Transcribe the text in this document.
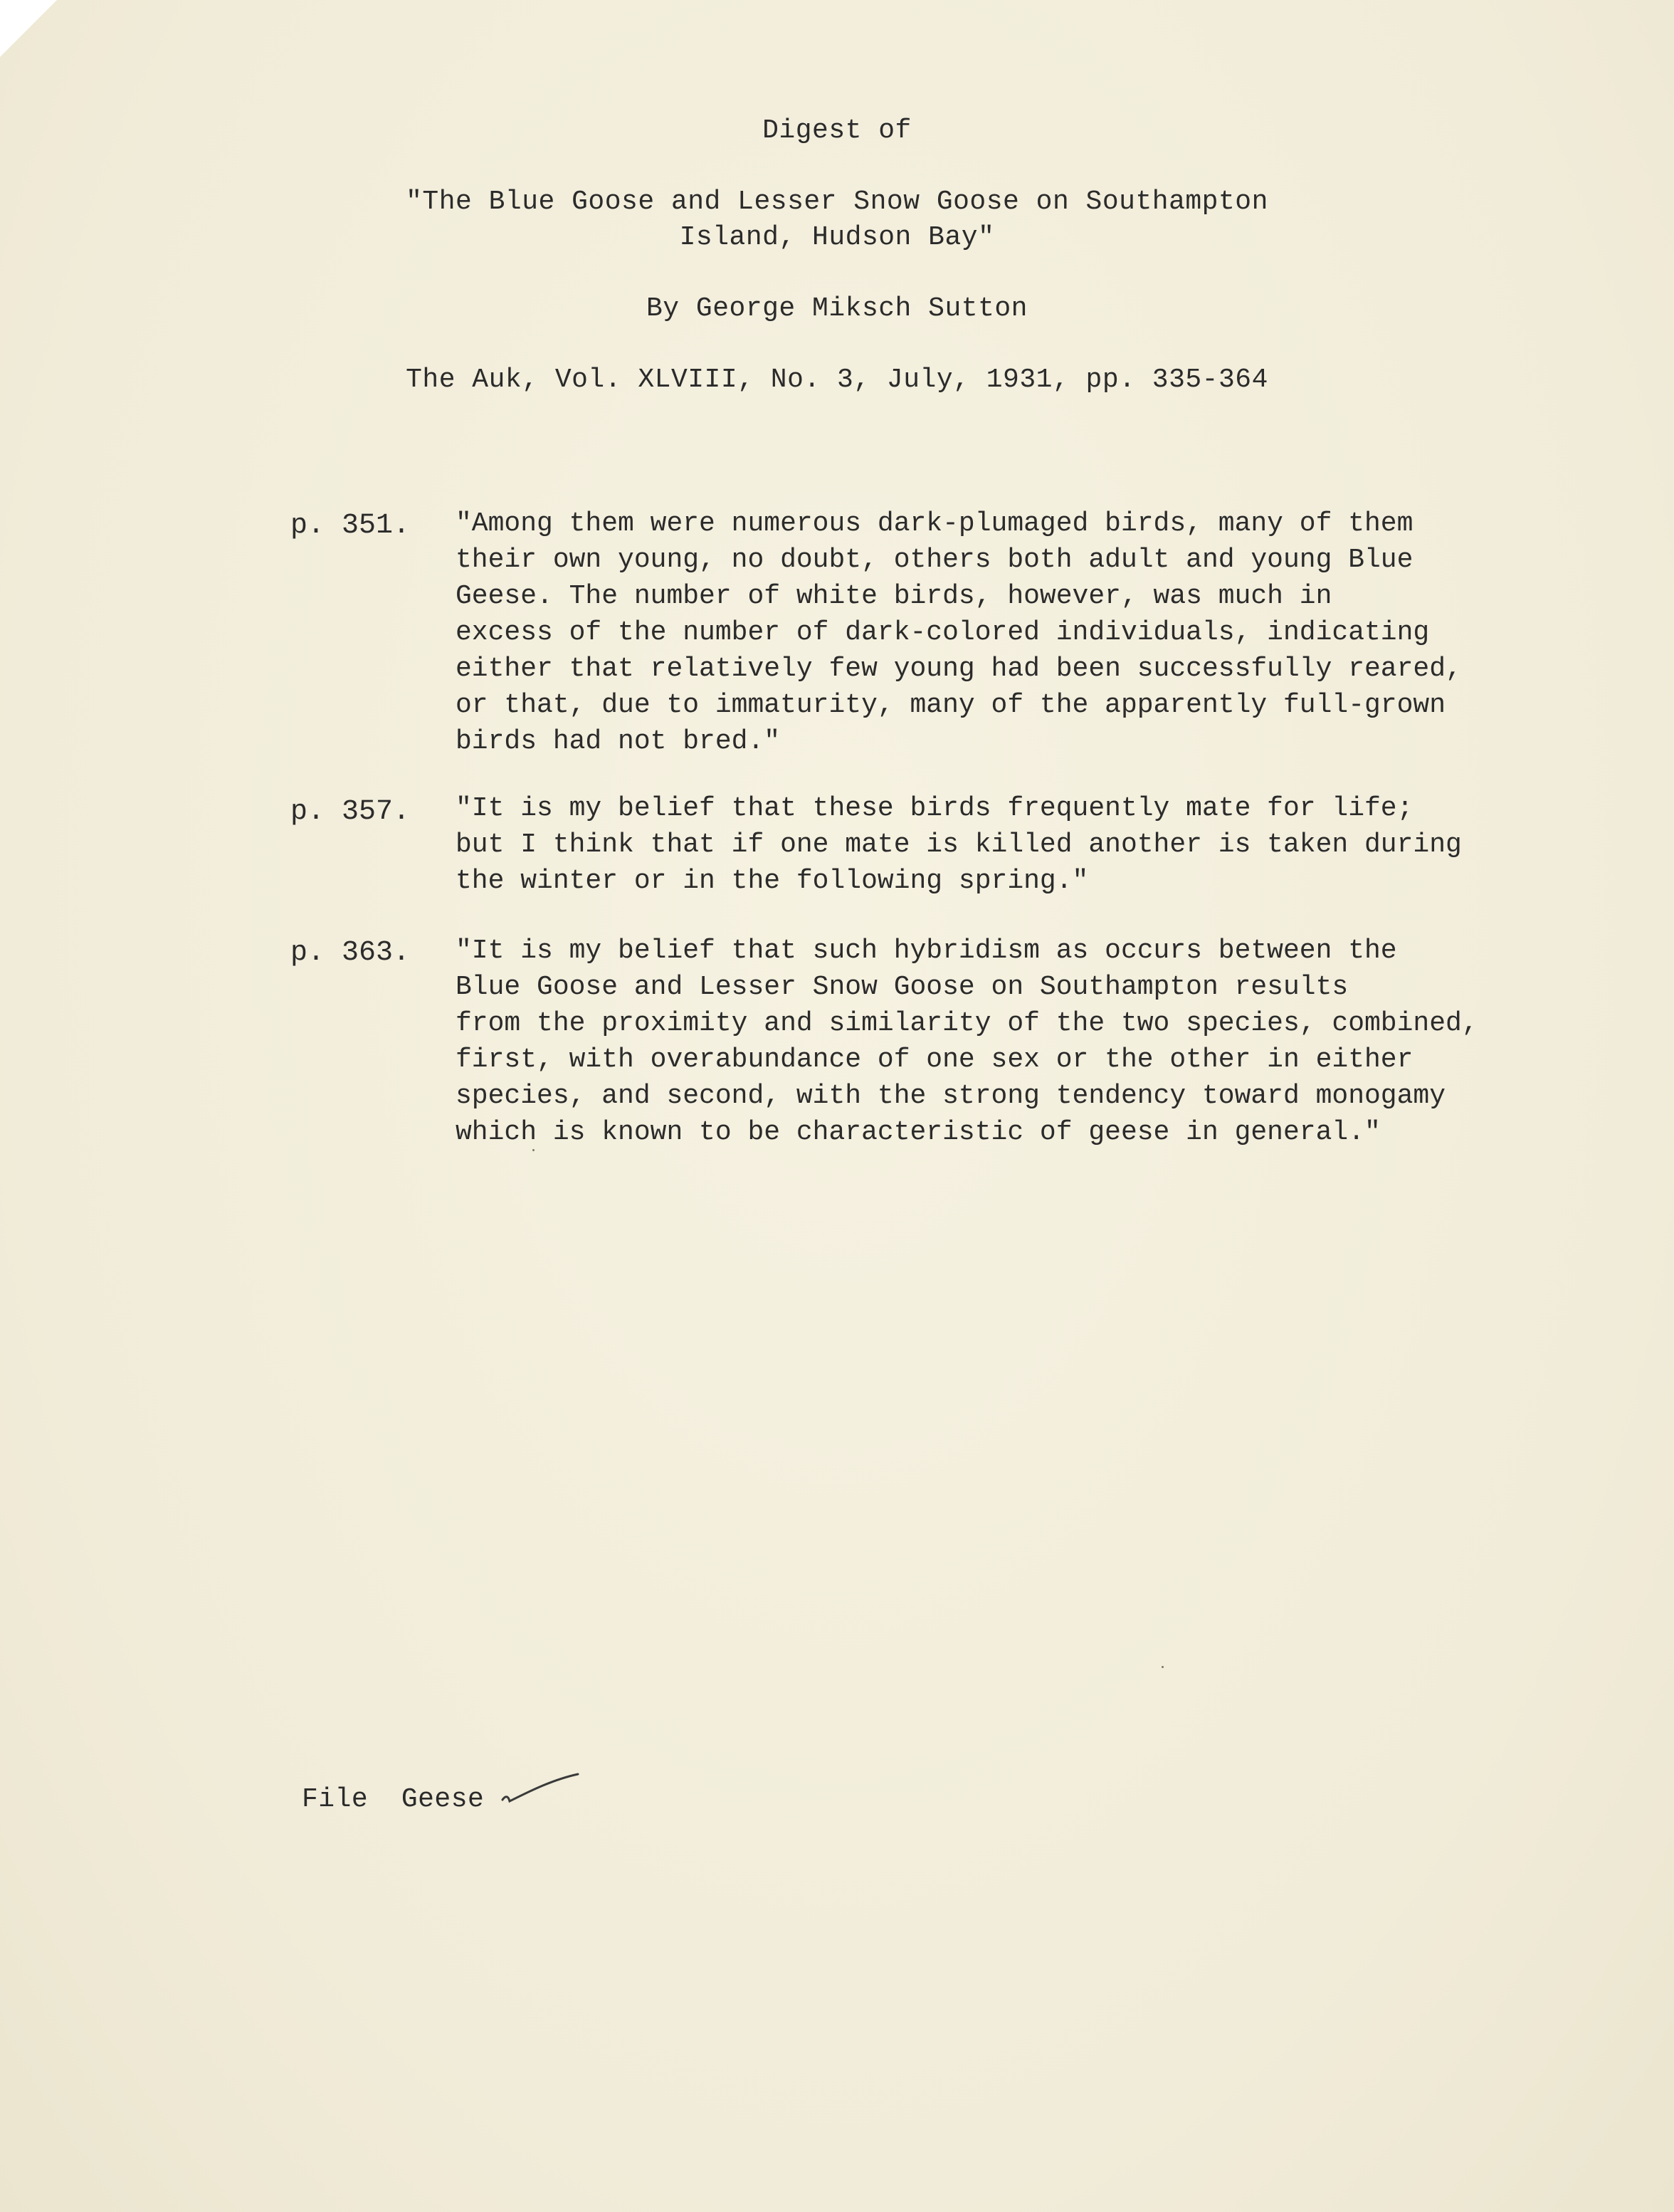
Digest of
"The Blue Goose and Lesser Snow Goose on Southampton
Island, Hudson Bay"
By George Miksch Sutton
The Auk, Vol. XLVIII, No. 3, July, 1931, pp. 335-364
p. 351. "Among them were numerous dark-plumaged birds, many of them
their own young, no doubt, others both adult and young Blue
Geese. The number of white birds, however, was much in
excess of the number of dark-colored individuals, indicating
either that relatively few young had been successfully reared,
or that, due to immaturity, many of the apparently full-grown
birds had not bred."
p. 357. "It is my belief that these birds frequently mate for life;
but I think that if one mate is killed another is taken during
the winter or in the following spring."
p. 363. "It is my belief that such hybridism as occurs between the
Blue Goose and Lesser Snow Goose on Southampton results
from the proximity and similarity of the two species, combined,
first, with overabundance of one sex or the other in either
species, and second, with the strong tendency toward monogamy
which is known to be characteristic of geese in general."
File  Geese
